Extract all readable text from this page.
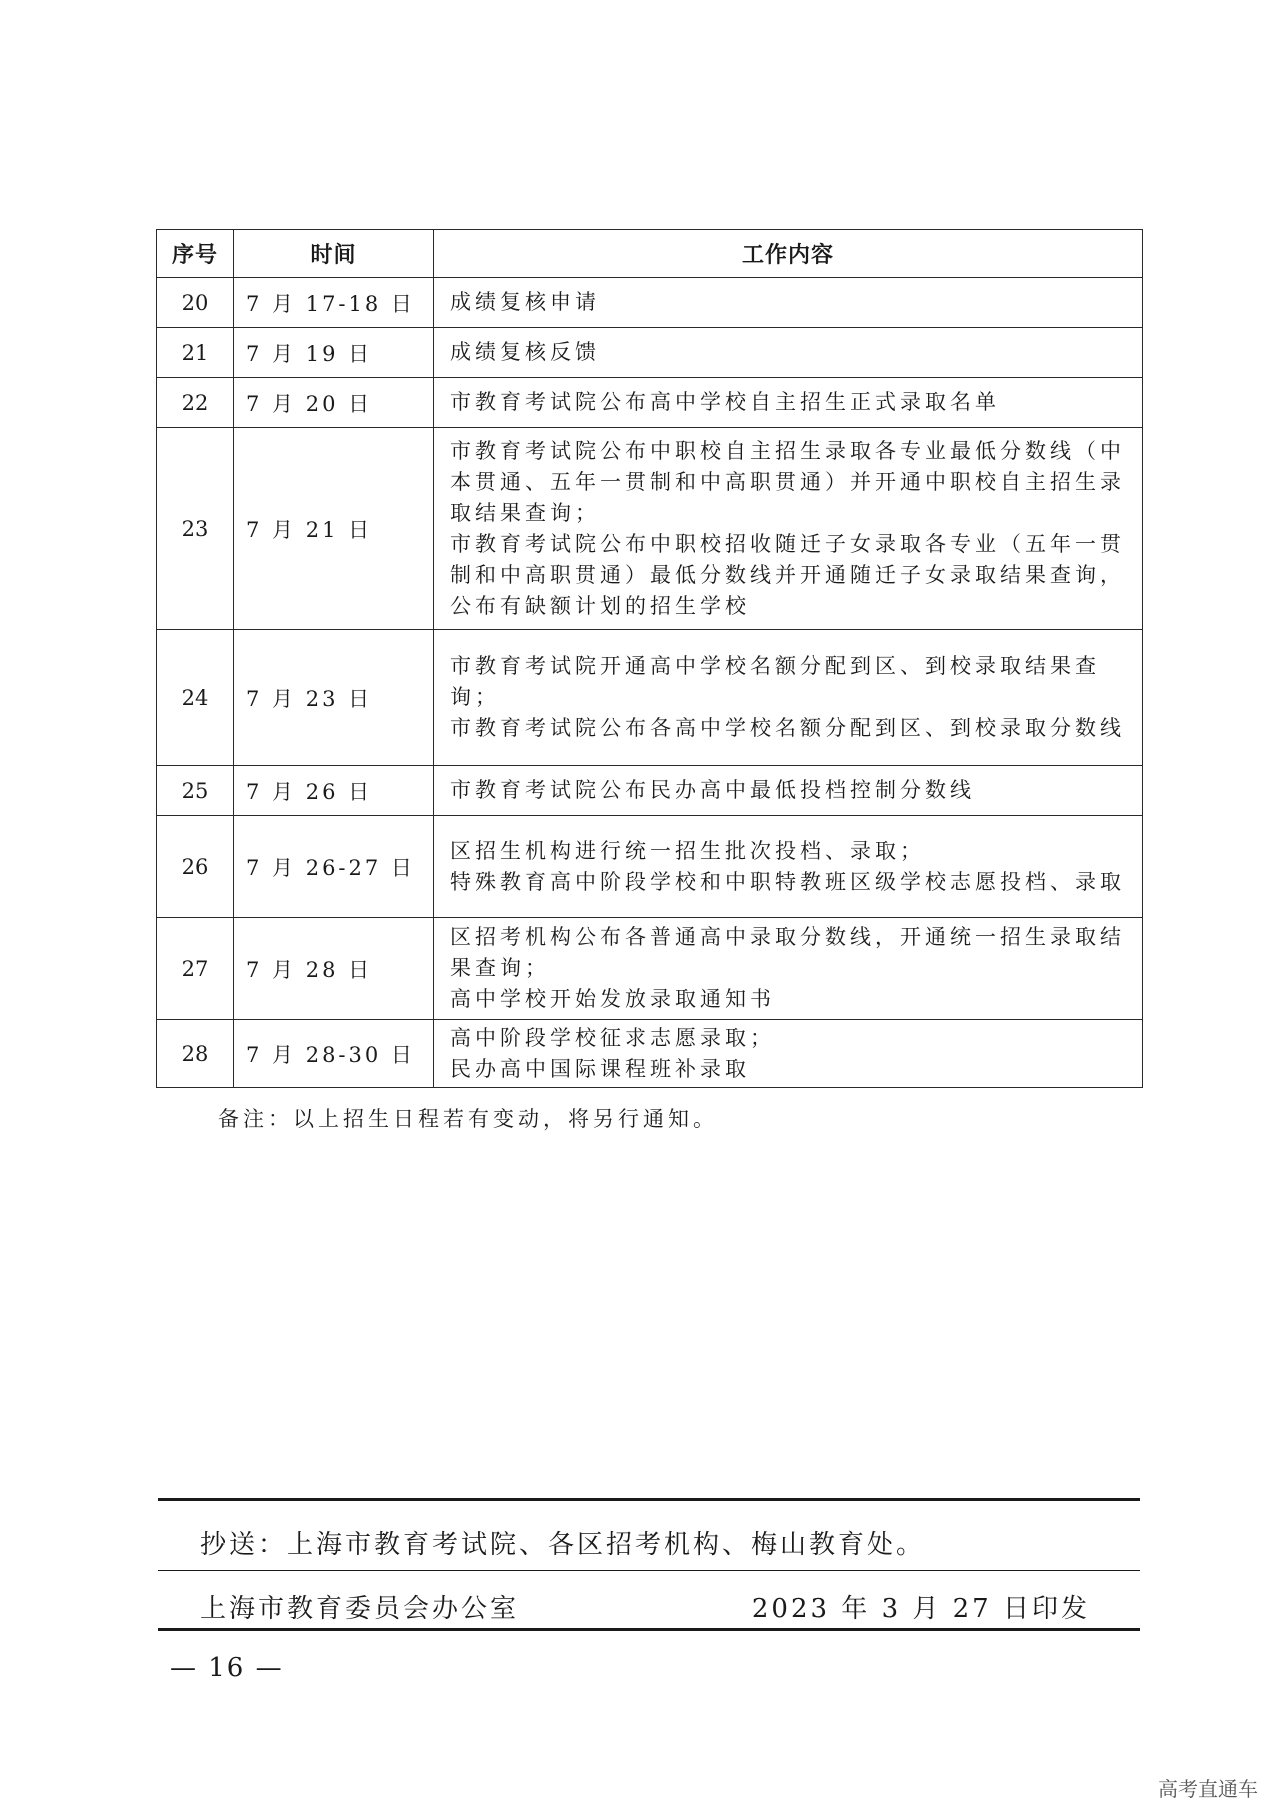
序号	时间	工作内容
20	7 月 17-18 日	成绩复核申请

21	7 月 19 日	成绩复核反馈

22	7 月 20 日	市教育考试院公布高中学校自主招生正式录取名单

23	7 月 21 日	市教育考试院公布中职校自主招生录取各专业最低分数线（中本贯通、五年一贯制和中高职贯通）并开通中职校自主招生录取结果查询；
市教育考试院公布中职校招收随迁子女录取各专业（五年一贯制和中高职贯通）最低分数线并开通随迁子女录取结果查询，公布有缺额计划的招生学校

24	7 月 23 日	市教育考试院开通高中学校名额分配到区、到校录取结果查询；
市教育考试院公布各高中学校名额分配到区、到校录取分数线

25	7 月 26 日	市教育考试院公布民办高中最低投档控制分数线

26	7 月 26-27 日	区招生机构进行统一招生批次投档、录取；
特殊教育高中阶段学校和中职特教班区级学校志愿投档、录取

27	7 月 28 日	区招考机构公布各普通高中录取分数线，开通统一招生录取结果查询；
高中学校开始发放录取通知书

28	7 月 28-30 日	高中阶段学校征求志愿录取；
民办高中国际课程班补录取
备注：以上招生日程若有变动，将另行通知。
抄送：上海市教育考试院、各区招考机构、梅山教育处。
上海市教育委员会办公室	2023 年 3 月 27 日印发
— 16 —
高考直通车
